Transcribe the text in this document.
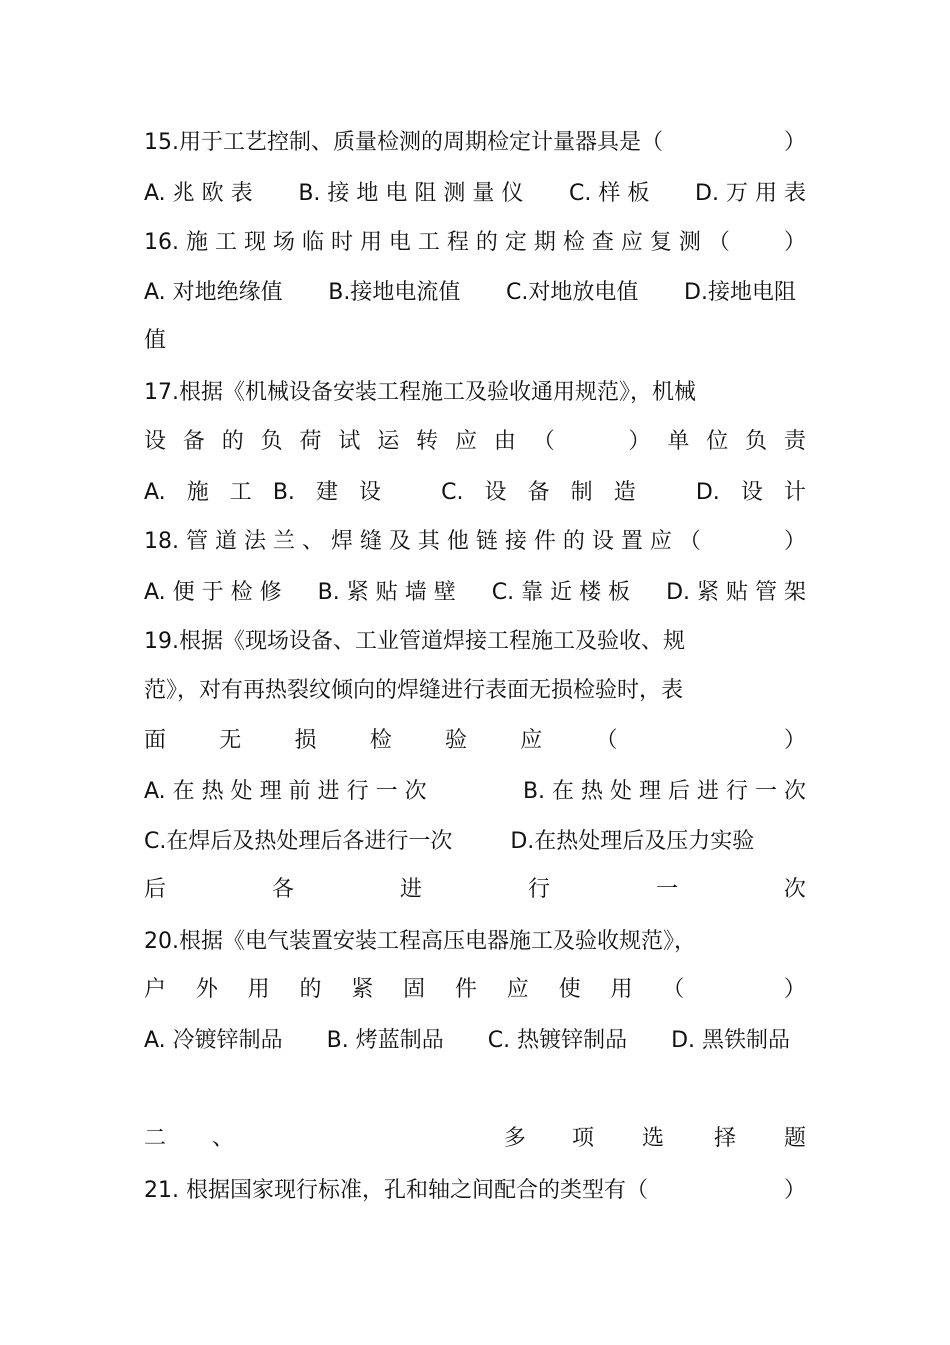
15.用于工艺控制、质量检测的周期检定计量器具是（	）
A. 兆 欧 表 B. 接 地 电 阻 测 量 仪 C. 样 板 D. 万 用 表
16. 施 工 现 场 临 时 用 电 工 程 的 定 期 检 查 应 复 测 （ ）
A. 对地绝缘值 B.接地电流值 C.对地放电值 D.接地电阻
值
17.根据《机械设备安装工程施工及验收通用规范》，机械
设 备 的 负 荷 试 运 转 应 由 （	） 单 位 负 责
A. 施 工 B. 建 设	C. 设 备 制 造	D. 设 计
18. 管 道 法 兰 、 焊 缝 及 其 他 链 接 件 的 设 置 应 （	）
A. 便 于 检 修 B. 紧 贴 墙 壁 C. 靠 近 楼 板 D. 紧 贴 管 架
19.根据《现场设备、工业管道焊接工程施工及验收、规
范》，对有再热裂纹倾向的焊缝进行表面无损检验时，表
面 无 损 检 验 应 （	）
A. 在 热 处 理 前 进 行 一 次	B. 在 热 处 理 后 进 行 一 次
C.在焊后及热处理后各进行一次	D.在热处理后及压力实验
后	各	进	行	一	次
20.根据《电气装置安装工程高压电器施工及验收规范》，
户 外 用 的 紧 固 件 应 使 用 （	）
A. 冷镀锌制品 B. 烤蓝制品 C. 热镀锌制品 D. 黑铁制品
二 、	多 项 选 择 题
21. 根据国家现行标准，孔和轴之间配合的类型有（	）
